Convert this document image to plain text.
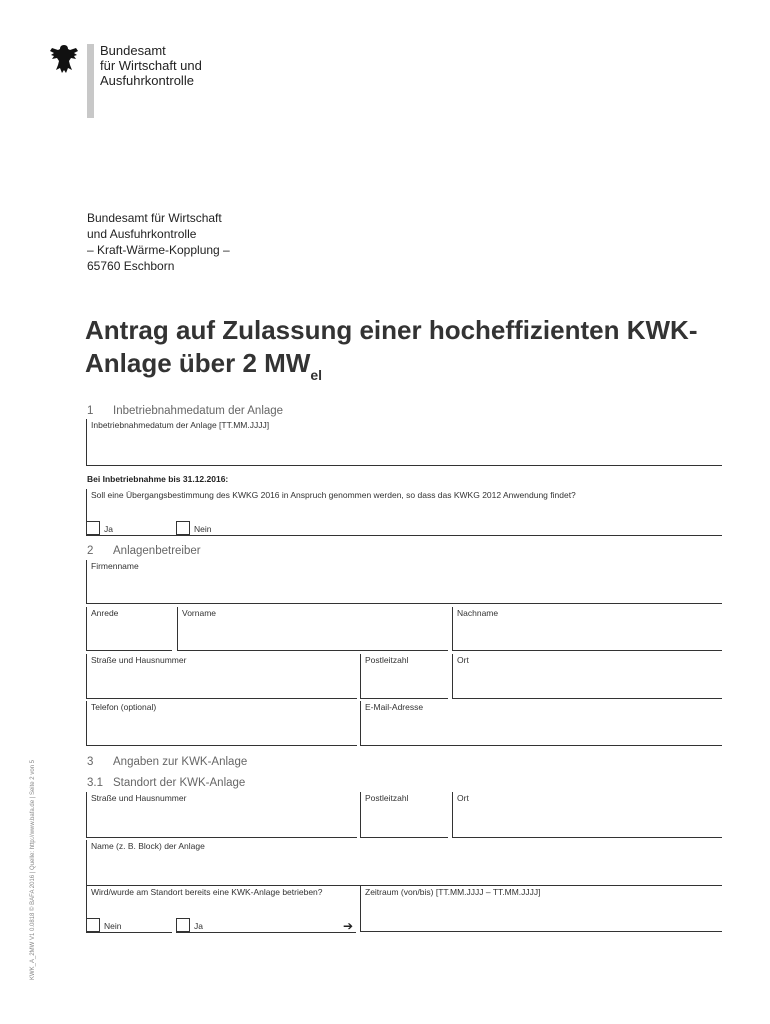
Bundesamt
für Wirtschaft und
Ausfuhrkontrolle
Bundesamt für Wirtschaft
und Ausfuhrkontrolle
– Kraft-Wärme-Kopplung –
65760 Eschborn
Antrag auf Zulassung einer hocheffizienten KWK-
Anlage über 2 $MW_{el}$
1 Inbetriebnahmedatum der Anlage
Inbetriebnahmedatum der Anlage [TT.MM.JJJJ]
Bei Inbetriebnahme bis 31.12.2016:
Soll eine Übergangsbestimmung des KWKG 2016 in Anspruch genommen werden, so dass das KWKG 2012 Anwendung findet?
Ja	Nein
2 Anlagenbetreiber
Firmenname
Anrede	Vorname	Nachname
Straße und Hausnummer	Postleitzahl	Ort
Telefon (optional)	E-Mail-Adresse
3 Angaben zur KWK-Anlage
3.1 Standort der KWK-Anlage
Straße und Hausnummer	Postleitzahl	Ort
Name (z. B. Block) der Anlage
Wird/wurde am Standort bereits eine KWK-Anlage betrieben?
Nein	Ja	➔
Zeitraum (von/bis) [TT.MM.JJJJ – TT.MM.JJJJ]
KWK_A_2MW V1 0.0818 © BAFA 2016 | Quelle: http://www.bafa.de | Seite 2 von 5
